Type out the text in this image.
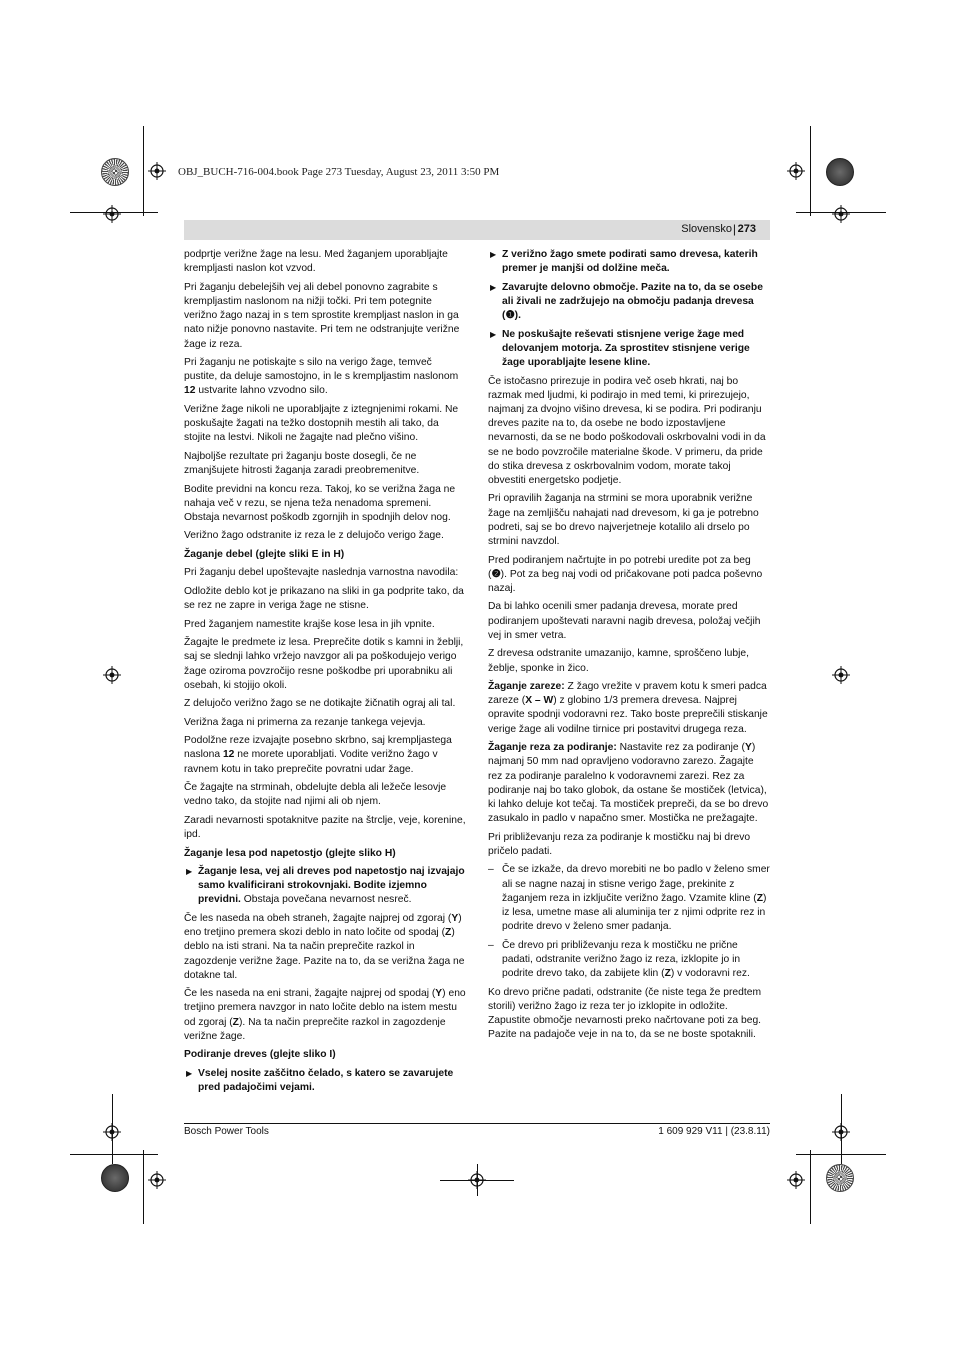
OBJ_BUCH-716-004.book Page 273 Tuesday, August 23, 2011 3:50 PM
Slovensko | 273

podprtje verižne žage na lesu. Med žaganjem uporabljajte krempljasti naslon kot vzvod.

Pri žaganju debelejših vej ali debel ponovno zagrabite s krempljastim naslonom na nižji točki. Pri tem potegnite verižno žago nazaj in s tem sprostite krempljast naslon in ga nato nižje ponovno nastavite. Pri tem ne odstranjujte verižne žage iz reza.

Pri žaganju ne potiskajte s silo na verigo žage, temveč pustite, da deluje samostojno, in le s krempljastim naslonom 12 ustvarite lahno vzvodno silo.

Verižne žage nikoli ne uporabljajte z iztegnjenimi rokami. Ne poskušajte žagati na težko dostopnih mestih ali tako, da stojite na lestvi. Nikoli ne žagajte nad plečno višino.

Najboljše rezultate pri žaganju boste dosegli, če ne zmanjšujete hitrosti žaganja zaradi preobremenitve.

Bodite previdni na koncu reza. Takoj, ko se verižna žaga ne nahaja več v rezu, se njena teža nenadoma spremeni. Obstaja nevarnost poškodb zgornjih in spodnjih delov nog.

Verižno žago odstranite iz reza le z delujočo verigo žage.

Žaganje debel (glejte sliki E in H)

Pri žaganju debel upoštevajte naslednja varnostna navodila:

Odložite deblo kot je prikazano na sliki in ga podprite tako, da se rez ne zapre in veriga žage ne stisne.

Pred žaganjem namestite krajše kose lesa in jih vpnite.

Žagajte le predmete iz lesa. Preprečite dotik s kamni in žeblji, saj se slednji lahko vržejo navzgor ali pa poškodujejo verigo žage oziroma povzročijo resne poškodbe pri uporabniku ali osebah, ki stojijo okoli.

Z delujočo verižno žago se ne dotikajte žičnatih ograj ali tal.

Verižna žaga ni primerna za rezanje tankega vejevja.

Podolžne reze izvajajte posebno skrbno, saj krempljastega naslona 12 ne morete uporabljati. Vodite verižno žago v ravnem kotu in tako preprečite povratni udar žage.

Če žagajte na strminah, obdelujte debla ali ležeče lesovje vedno tako, da stojite nad njimi ali ob njem.

Zaradi nevarnosti spotaknitve pazite na štrclje, veje, korenine, ipd.

Žaganje lesa pod napetostjo (glejte sliko H)
▶ Žaganje lesa, vej ali dreves pod napetostjo naj izvajajo samo kvalificirani strokovnjaki. Bodite izjemno previdni. Obstaja povečana nevarnost nesreč.

Če les naseda na obeh straneh, žagajte najprej od zgoraj (Y) eno tretjino premera skozi deblo in nato ločite od spodaj (Z) deblo na isti strani. Na ta način preprečite razkol in zagozdenje verižne žage. Pazite na to, da se verižna žaga ne dotakne tal.

Če les naseda na eni strani, žagajte najprej od spodaj (Y) eno tretjino premera navzgor in nato ločite deblo na istem mestu od zgoraj (Z). Na ta način preprečite razkol in zagozdenje verižne žage.

Podiranje dreves (glejte sliko I)
▶ Vselej nosite zaščitno čelado, s katero se zavarujete pred padajočimi vejami.
▶ Z verižno žago smete podirati samo drevesa, katerih premer je manjši od dolžine meča.
▶ Zavarujte delovno območje. Pazite na to, da se osebe ali živali ne zadržujejo na območju padanja drevesa (❶).
▶ Ne poskušajte reševati stisnjene verige žage med delovanjem motorja. Za sprostitev stisnjene verige žage uporabljajte lesene kline.

Če istočasno prirezuje in podira več oseb hkrati, naj bo razmak med ljudmi, ki podirajo in med temi, ki prirezujejo, najmanj za dvojno višino drevesa, ki se podira. Pri podiranju dreves pazite na to, da osebe ne bodo izpostavljene nevarnosti, da se ne bodo poškodovali oskrbovalni vodi in da se ne bodo povzročile materialne škode. V primeru, da pride do stika drevesa z oskrbovalnim vodom, morate takoj obvestiti energetsko podjetje.

Pri opravilih žaganja na strmini se mora uporabnik verižne žage na zemljišču nahajati nad drevesom, ki ga je potrebno podreti, saj se bo drevo najverjetneje kotalilo ali drselo po strmini navzdol.

Pred podiranjem načrtujte in po potrebi uredite pot za beg (❷). Pot za beg naj vodi od pričakovane poti padca poševno nazaj.

Da bi lahko ocenili smer padanja drevesa, morate pred podiranjem upoštevati naravni nagib drevesa, položaj večjih vej in smer vetra.

Z drevesa odstranite umazanijo, kamne, sproščeno lubje, žeblje, sponke in žico.

Žaganje zareze: Z žago vrežite v pravem kotu k smeri padca zareze (X – W) z globino 1/3 premera drevesa. Najprej opravite spodnji vodoravni rez. Tako boste preprečili stiskanje verige žage ali vodilne tirnice pri postavitvi drugega reza.

Žaganje reza za podiranje: Nastavite rez za podiranje (Y) najmanj 50 mm nad opravljeno vodoravno zarezo. Žagajte rez za podiranje paralelno k vodoravnemi zarezi. Rez za podiranje naj bo tako globok, da ostane še mostiček (letvica), ki lahko deluje kot tečaj. Ta mostiček prepreči, da se bo drevo zasukalo in padlo v napačno smer. Mostička ne prežagajte.

Pri približevanju reza za podiranje k mostičku naj bi drevo pričelo padati.

– Če se izkaže, da drevo morebiti ne bo padlo v želeno smer ali se nagne nazaj in stisne verigo žage, prekinite z žaganjem reza in izključite verižno žago. Vzamite kline (Z) iz lesa, umetne mase ali aluminija ter z njimi odprite rez in podrite drevo v želeno smer padanja.
– Če drevo pri približevanju reza k mostičku ne prične padati, odstranite verižno žago iz reza, izklopite jo in podrite drevo tako, da zabijete klin (Z) v vodoravni rez.

Ko drevo prične padati, odstranite (če niste tega že predtem storili) verižno žago iz reza ter jo izklopite in odložite. Zapustite območje nevarnosti preko načrtovane poti za beg. Pazite na padajoče veje in na to, da se ne boste spotaknili.

Bosch Power Tools	1 609 929 V11 | (23.8.11)
